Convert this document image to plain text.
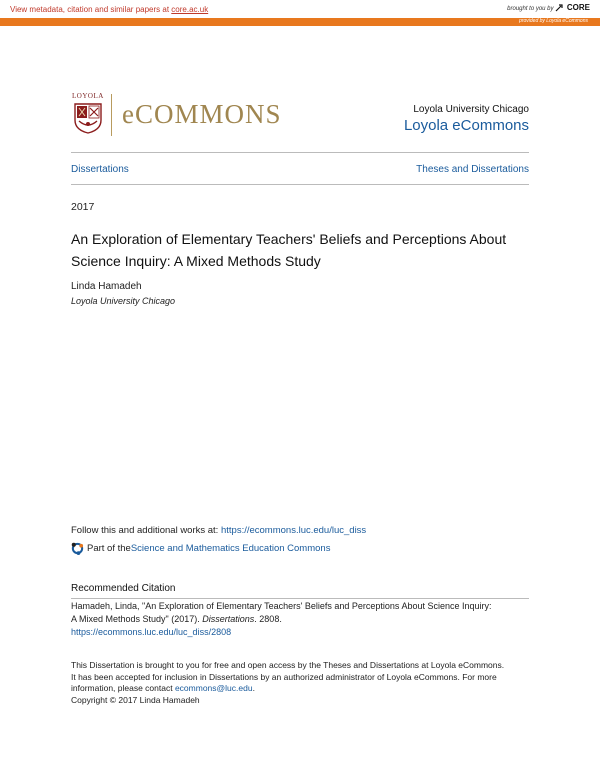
View metadata, citation and similar papers at core.ac.uk	brought to you by CORE
provided by Loyola eCommons
LOYOLA
eCOMMONS	Loyola University Chicago
Loyola eCommons
Dissertations	Theses and Dissertations
2017
An Exploration of Elementary Teachers' Beliefs and Perceptions About Science Inquiry: A Mixed Methods Study
Linda Hamadeh
Loyola University Chicago
Follow this and additional works at: https://ecommons.luc.edu/luc_diss
Part of the Science and Mathematics Education Commons
Recommended Citation
Hamadeh, Linda, "An Exploration of Elementary Teachers' Beliefs and Perceptions About Science Inquiry:
A Mixed Methods Study" (2017). Dissertations. 2808.
https://ecommons.luc.edu/luc_diss/2808
This Dissertation is brought to you for free and open access by the Theses and Dissertations at Loyola eCommons.
It has been accepted for inclusion in Dissertations by an authorized administrator of Loyola eCommons. For more
information, please contact ecommons@luc.edu.
Copyright © 2017 Linda Hamadeh
